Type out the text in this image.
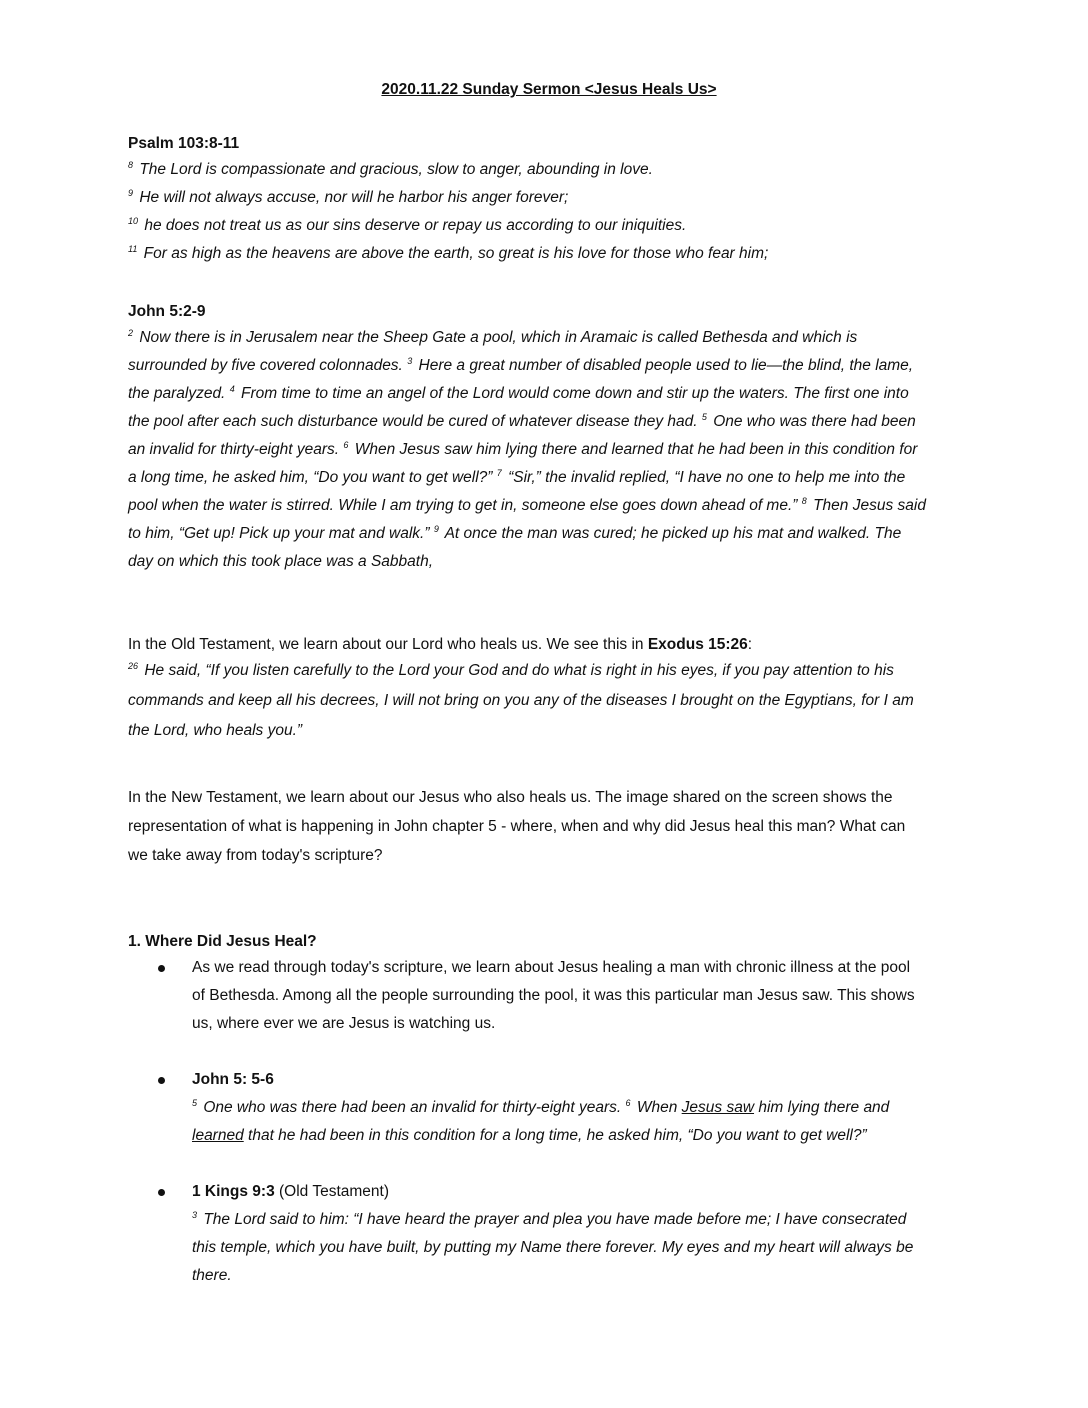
2020.11.22 Sunday Sermon <Jesus Heals Us>

Psalm 103:8-11

$^8$ The Lord is compassionate and gracious, slow to anger, abounding in love.

$^9$ He will not always accuse, nor will he harbor his anger forever;

$^{10}$ he does not treat us as our sins deserve or repay us according to our iniquities.

$^{11}$ For as high as the heavens are above the earth, so great is his love for those who fear him;

John 5:2-9

$^2$ Now there is in Jerusalem near the Sheep Gate a pool, which in Aramaic is called Bethesda and which is

surrounded by five covered colonnades. $^3$ Here a great number of disabled people used to lie—the blind, the lame,

the paralyzed. $^4$ From time to time an angel of the Lord would come down and stir up the waters. The first one into

the pool after each such disturbance would be cured of whatever disease they had. $^5$ One who was there had been

an invalid for thirty-eight years. $^6$ When Jesus saw him lying there and learned that he had been in this condition for

a long time, he asked him, “Do you want to get well?” $^7$ “Sir,” the invalid replied, “I have no one to help me into the

pool when the water is stirred. While I am trying to get in, someone else goes down ahead of me.” $^8$ Then Jesus said

to him, “Get up! Pick up your mat and walk.” $^9$ At once the man was cured; he picked up his mat and walked. The

day on which this took place was a Sabbath,

In the Old Testament, we learn about our Lord who heals us. We see this in Exodus 15:26:

$^{26}$ He said, “If you listen carefully to the Lord your God and do what is right in his eyes, if you pay attention to his

commands and keep all his decrees, I will not bring on you any of the diseases I brought on the Egyptians, for I am

the Lord, who heals you.”

In the New Testament, we learn about our Jesus who also heals us. The image shared on the screen shows the

representation of what is happening in John chapter 5 - where, when and why did Jesus heal this man? What can

we take away from today's scripture?

1. Where Did Jesus Heal?

As we read through today's scripture, we learn about Jesus healing a man with chronic illness at the pool

of Bethesda. Among all the people surrounding the pool, it was this particular man Jesus saw. This shows

us, where ever we are Jesus is watching us.

John 5: 5-6

$^5$ One who was there had been an invalid for thirty-eight years. $^6$ When Jesus saw him lying there and

learned that he had been in this condition for a long time, he asked him, “Do you want to get well?”

1 Kings 9:3 (Old Testament)

$^3$ The Lord said to him: “I have heard the prayer and plea you have made before me; I have consecrated

this temple, which you have built, by putting my Name there forever. My eyes and my heart will always be

there.
